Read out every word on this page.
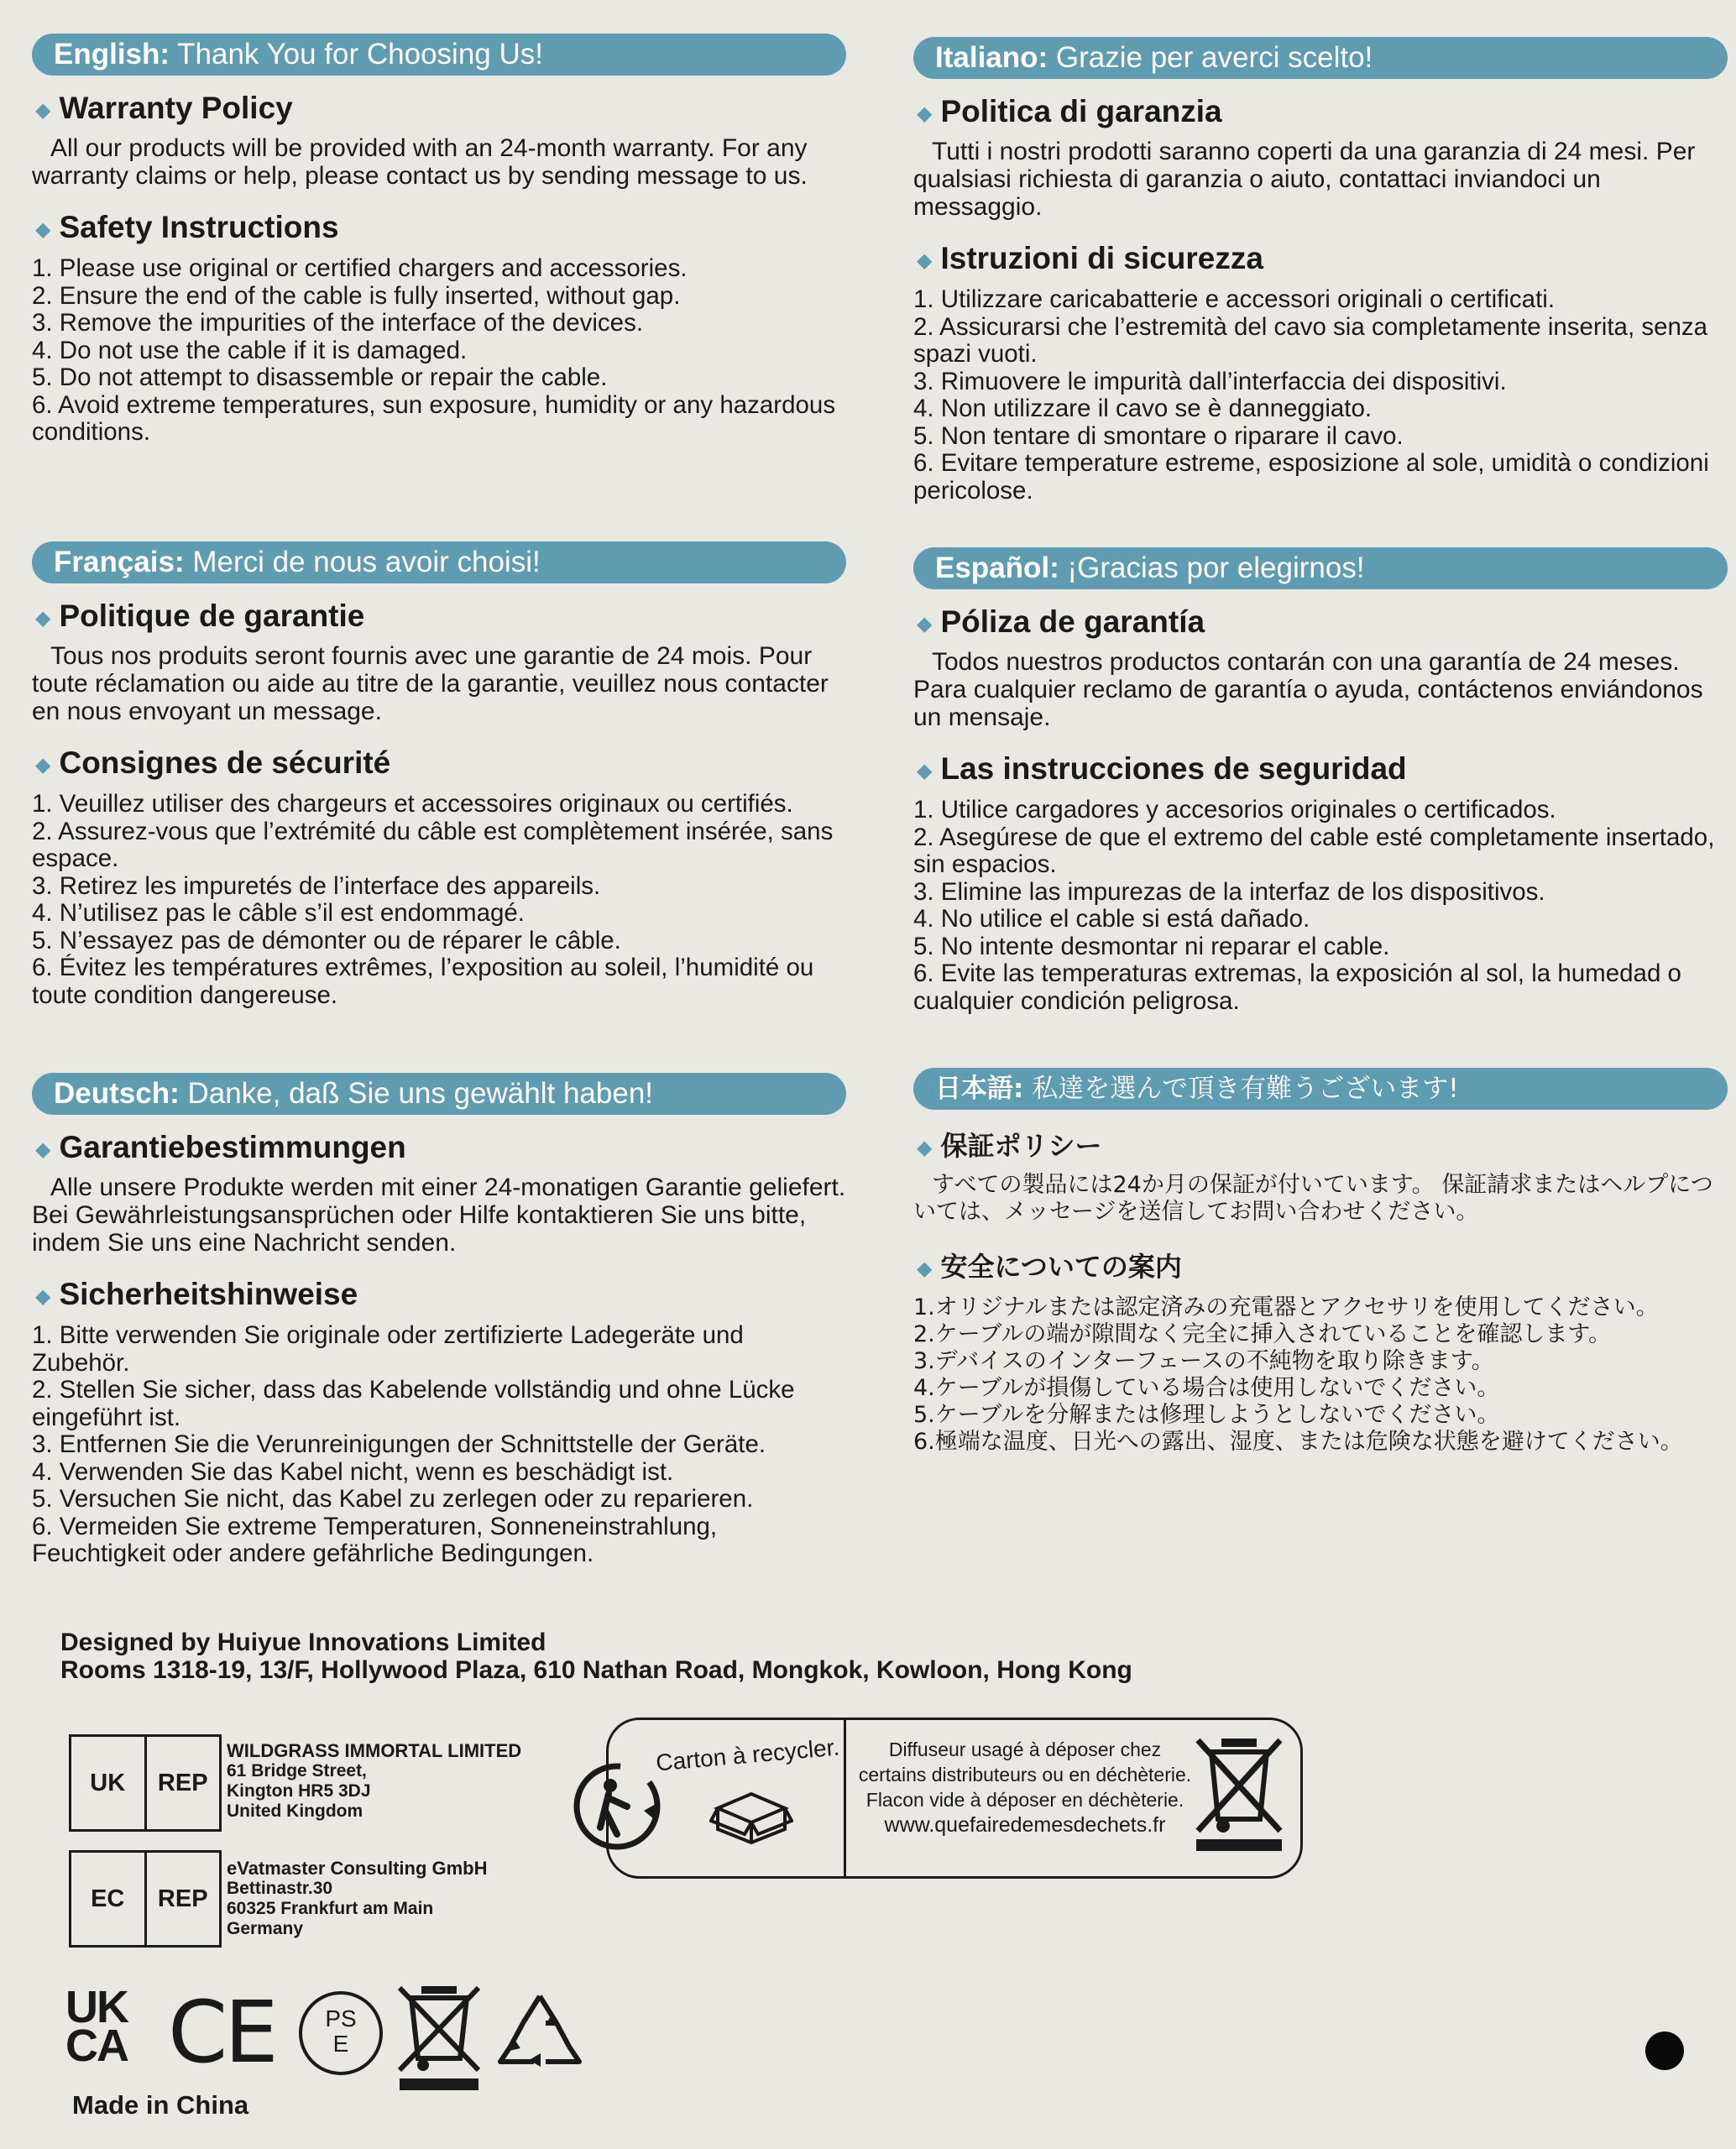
English: Thank You for Choosing Us!
◆ Warranty Policy
All our products will be provided with an 24-month warranty. For any warranty claims or help, please contact us by sending message to us.
◆ Safety Instructions
1. Please use original or certified chargers and accessories.
2. Ensure the end of the cable is fully inserted, without gap.
3. Remove the impurities of the interface of the devices.
4. Do not use the cable if it is damaged.
5. Do not attempt to disassemble or repair the cable.
6. Avoid extreme temperatures, sun exposure, humidity or any hazardous conditions.
Français: Merci de nous avoir choisi!
◆ Politique de garantie
Tous nos produits seront fournis avec une garantie de 24 mois. Pour toute réclamation ou aide au titre de la garantie, veuillez nous contacter en nous envoyant un message.
◆ Consignes de sécurité
1. Veuillez utiliser des chargeurs et accessoires originaux ou certifiés.
2. Assurez-vous que l’extrémité du câble est complètement insérée, sans espace.
3. Retirez les impuretés de l’interface des appareils.
4. N’utilisez pas le câble s’il est endommagé.
5. N’essayez pas de démonter ou de réparer le câble.
6. Évitez les températures extrêmes, l’exposition au soleil, l’humidité ou toute condition dangereuse.
Deutsch: Danke, daß Sie uns gewählt haben!
◆ Garantiebestimmungen
Alle unsere Produkte werden mit einer 24-monatigen Garantie geliefert. Bei Gewährleistungsansprüchen oder Hilfe kontaktieren Sie uns bitte, indem Sie uns eine Nachricht senden.
◆ Sicherheitshinweise
1. Bitte verwenden Sie originale oder zertifizierte Ladegeräte und Zubehör.
2. Stellen Sie sicher, dass das Kabelende vollständig und ohne Lücke eingeführt ist.
3. Entfernen Sie die Verunreinigungen der Schnittstelle der Geräte.
4. Verwenden Sie das Kabel nicht, wenn es beschädigt ist.
5. Versuchen Sie nicht, das Kabel zu zerlegen oder zu reparieren.
6. Vermeiden Sie extreme Temperaturen, Sonneneinstrahlung, Feuchtigkeit oder andere gefährliche Bedingungen.
Italiano: Grazie per averci scelto!
◆ Politica di garanzia
Tutti i nostri prodotti saranno coperti da una garanzia di 24 mesi. Per qualsiasi richiesta di garanzia o aiuto, contattaci inviandoci un messaggio.
◆ Istruzioni di sicurezza
1. Utilizzare caricabatterie e accessori originali o certificati.
2. Assicurarsi che l’estremità del cavo sia completamente inserita, senza spazi vuoti.
3. Rimuovere le impurità dall’interfaccia dei dispositivi.
4. Non utilizzare il cavo se è danneggiato.
5. Non tentare di smontare o riparare il cavo.
6. Evitare temperature estreme, esposizione al sole, umidità o condizioni pericolose.
Español: ¡Gracias por elegirnos!
◆ Póliza de garantía
Todos nuestros productos contarán con una garantía de 24 meses. Para cualquier reclamo de garantía o ayuda, contáctenos enviándonos un mensaje.
◆ Las instrucciones de seguridad
1. Utilice cargadores y accesorios originales o certificados.
2. Asegúrese de que el extremo del cable esté completamente insertado, sin espacios.
3. Elimine las impurezas de la interfaz de los dispositivos.
4. No utilice el cable si está dañado.
5. No intente desmontar ni reparar el cable.
6. Evite las temperaturas extremas, la exposición al sol, la humedad o cualquier condición peligrosa.
日本語: 私達を選んで頂き有難うございます!
◆ 保証ポリシー
すべての製品には24か月の保証が付いています。 保証請求またはヘルプについては、メッセージを送信してお問い合わせください。
◆ 安全についての案内
1.オリジナルまたは認定済みの充電器とアクセサリを使用してください。
2.ケーブルの端が隙間なく完全に挿入されていることを確認します。
3.デバイスのインターフェースの不純物を取り除きます。
4.ケーブルが損傷している場合は使用しないでください。
5.ケーブルを分解または修理しようとしないでください。
6.極端な温度、日光への露出、湿度、または危険な状態を避けてください。
Designed by Huiyue Innovations Limited
Rooms 1318-19, 13/F, Hollywood Plaza, 610 Nathan Road, Mongkok, Kowloon, Hong Kong
UK	REP
WILDGRASS IMMORTAL LIMITED
61 Bridge Street,
Kington HR5 3DJ
United Kingdom
EC	REP
eVatmaster Consulting GmbH
Bettinastr.30
60325 Frankfurt am Main
Germany
Carton à recycler.	Diffuseur usagé à déposer chez
certains distributeurs ou en déchèterie.
Flacon vide à déposer en déchèterie.
www.quefairedemesdechets.fr
UK
CA CE	PS
E
Made in China
